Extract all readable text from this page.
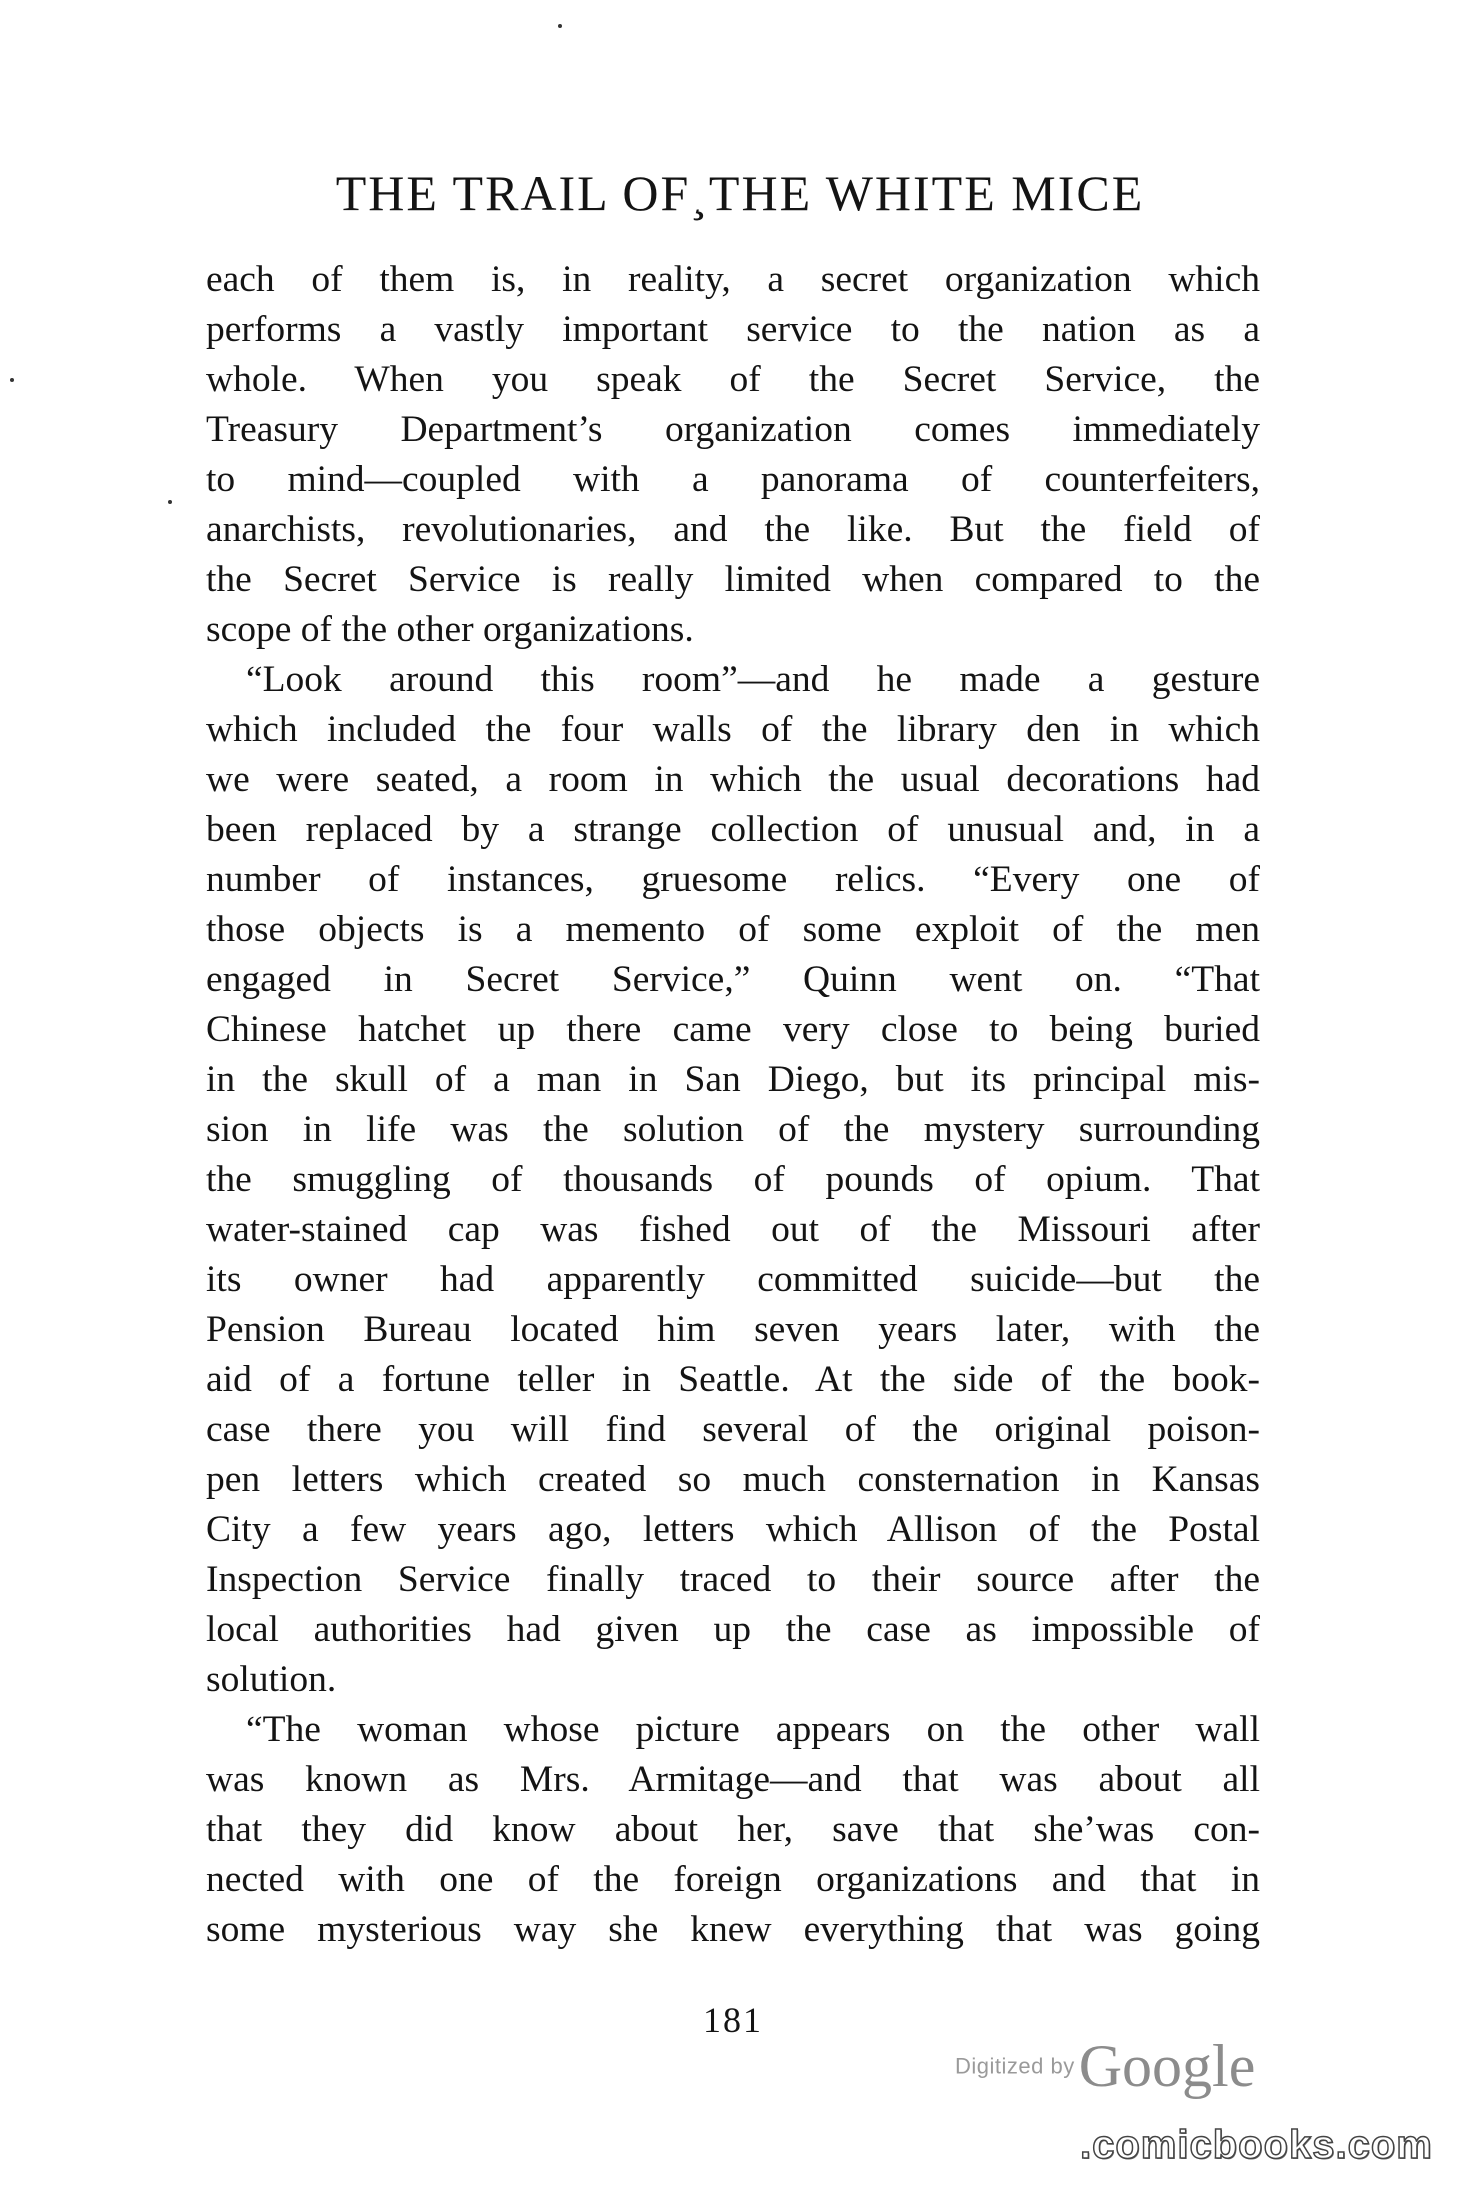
THE TRAIL OF¸THE WHITE MICE
each of them is, in reality, a secret organization which
performs a vastly important service to the nation as a
whole. When you speak of the Secret Service, the
Treasury Department’s organization comes immediately
to mind—coupled with a panorama of counterfeiters,
anarchists, revolutionaries, and the like. But the field of
the Secret Service is really limited when compared to the
scope of the other organizations.
“Look around this room”—and he made a gesture
which included the four walls of the library den in which
we were seated, a room in which the usual decorations had
been replaced by a strange collection of unusual and, in a
number of instances, gruesome relics. “Every one of
those objects is a memento of some exploit of the men
engaged in Secret Service,” Quinn went on. “That
Chinese hatchet up there came very close to being buried
in the skull of a man in San Diego, but its principal mis-
sion in life was the solution of the mystery surrounding
the smuggling of thousands of pounds of opium. That
water-stained cap was fished out of the Missouri after
its owner had apparently committed suicide—but the
Pension Bureau located him seven years later, with the
aid of a fortune teller in Seattle. At the side of the book-
case there you will find several of the original poison-
pen letters which created so much consternation in Kansas
City a few years ago, letters which Allison of the Postal
Inspection Service finally traced to their source after the
local authorities had given up the case as impossible of
solution.
“The woman whose picture appears on the other wall
was known as Mrs. Armitage—and that was about all
that they did know about her, save that she’was con-
nected with one of the foreign organizations and that in
some mysterious way she knew everything that was going
181
Digitized by Google
.comicbooks.com
